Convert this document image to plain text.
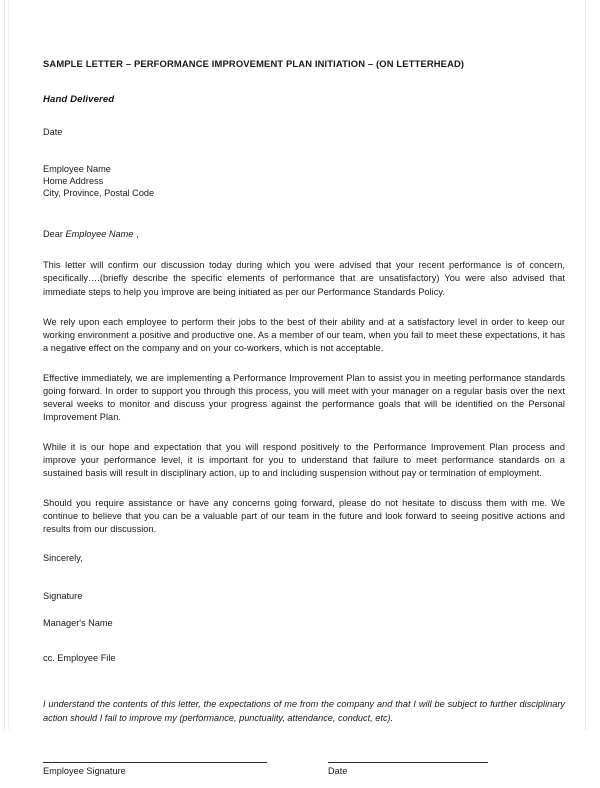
SAMPLE LETTER – PERFORMANCE IMPROVEMENT PLAN INITIATION – (ON LETTERHEAD)

Hand Delivered

Date

Employee Name
Home Address
City, Province, Postal Code

Dear Employee Name ,

This letter will confirm our discussion today during which you were advised that your recent performance is of concern, specifically….(briefly describe the specific elements of performance that are unsatisfactory) You were also advised that immediate steps to help you improve are being initiated as per our Performance Standards Policy.

We rely upon each employee to perform their jobs to the best of their ability and at a satisfactory level in order to keep our working environment a positive and productive one. As a member of our team, when you fail to meet these expectations, it has a negative effect on the company and on your co-workers, which is not acceptable.

Effective immediately, we are implementing a Performance Improvement Plan to assist you in meeting performance standards going forward. In order to support you through this process, you will meet with your manager on a regular basis over the next several weeks to monitor and discuss your progress against the performance goals that will be identified on the Personal Improvement Plan.

While it is our hope and expectation that you will respond positively to the Performance Improvement Plan process and improve your performance level, it is important for you to understand that failure to meet performance standards on a sustained basis will result in disciplinary action, up to and including suspension without pay or termination of employment.

Should you require assistance or have any concerns going forward, please do not hesitate to discuss them with me. We continue to believe that you can be a valuable part of our team in the future and look forward to seeing positive actions and results from our discussion.

Sincerely,

Signature

Manager's Name

cc. Employee File

I understand the contents of this letter, the expectations of me from the company and that I will be subject to further disciplinary action should I fail to improve my (performance, punctuality, attendance, conduct, etc).

Employee Signature	Date
